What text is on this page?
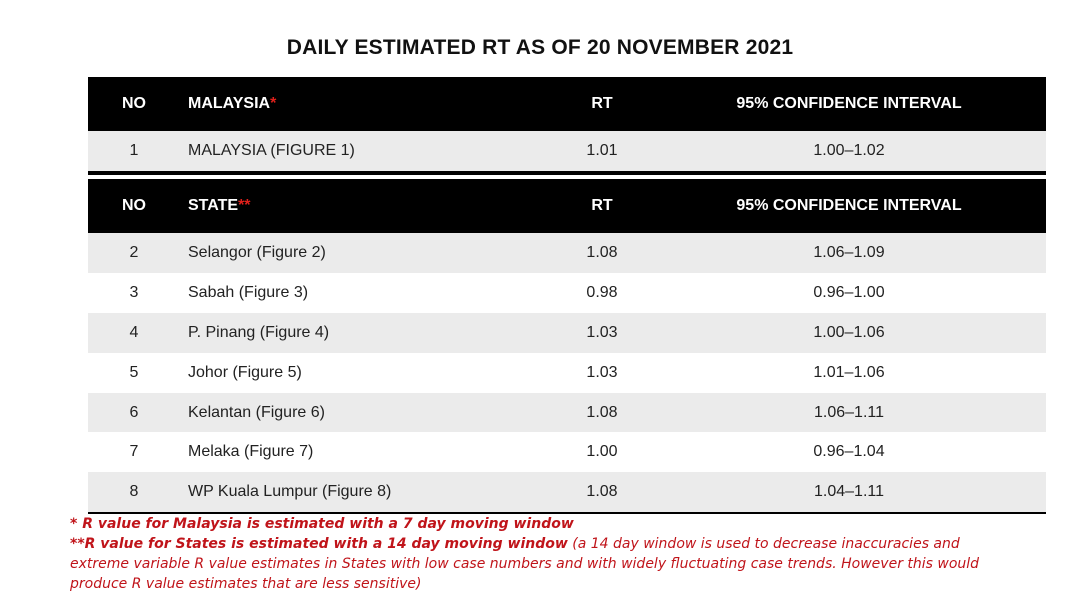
DAILY ESTIMATED RT AS OF 20 NOVEMBER 2021
NO	MALAYSIA*	RT	95% CONFIDENCE INTERVAL
1	MALAYSIA (FIGURE 1)	1.01	1.00–1.02
NO	STATE**	RT	95% CONFIDENCE INTERVAL
2	Selangor (Figure 2)	1.08	1.06–1.09
3	Sabah (Figure 3)	0.98	0.96–1.00
4	P. Pinang (Figure 4)	1.03	1.00–1.06
5	Johor (Figure 5)	1.03	1.01–1.06
6	Kelantan (Figure 6)	1.08	1.06–1.11
7	Melaka (Figure 7)	1.00	0.96–1.04
8	WP Kuala Lumpur (Figure 8)	1.08	1.04–1.11
* R value for Malaysia is estimated with a 7 day moving window
**R value for States is estimated with a 14 day moving window (a 14 day window is used to decrease inaccuracies and extreme variable R value estimates in States with low case numbers and with widely fluctuating case trends. However this would produce R value estimates that are less sensitive)
